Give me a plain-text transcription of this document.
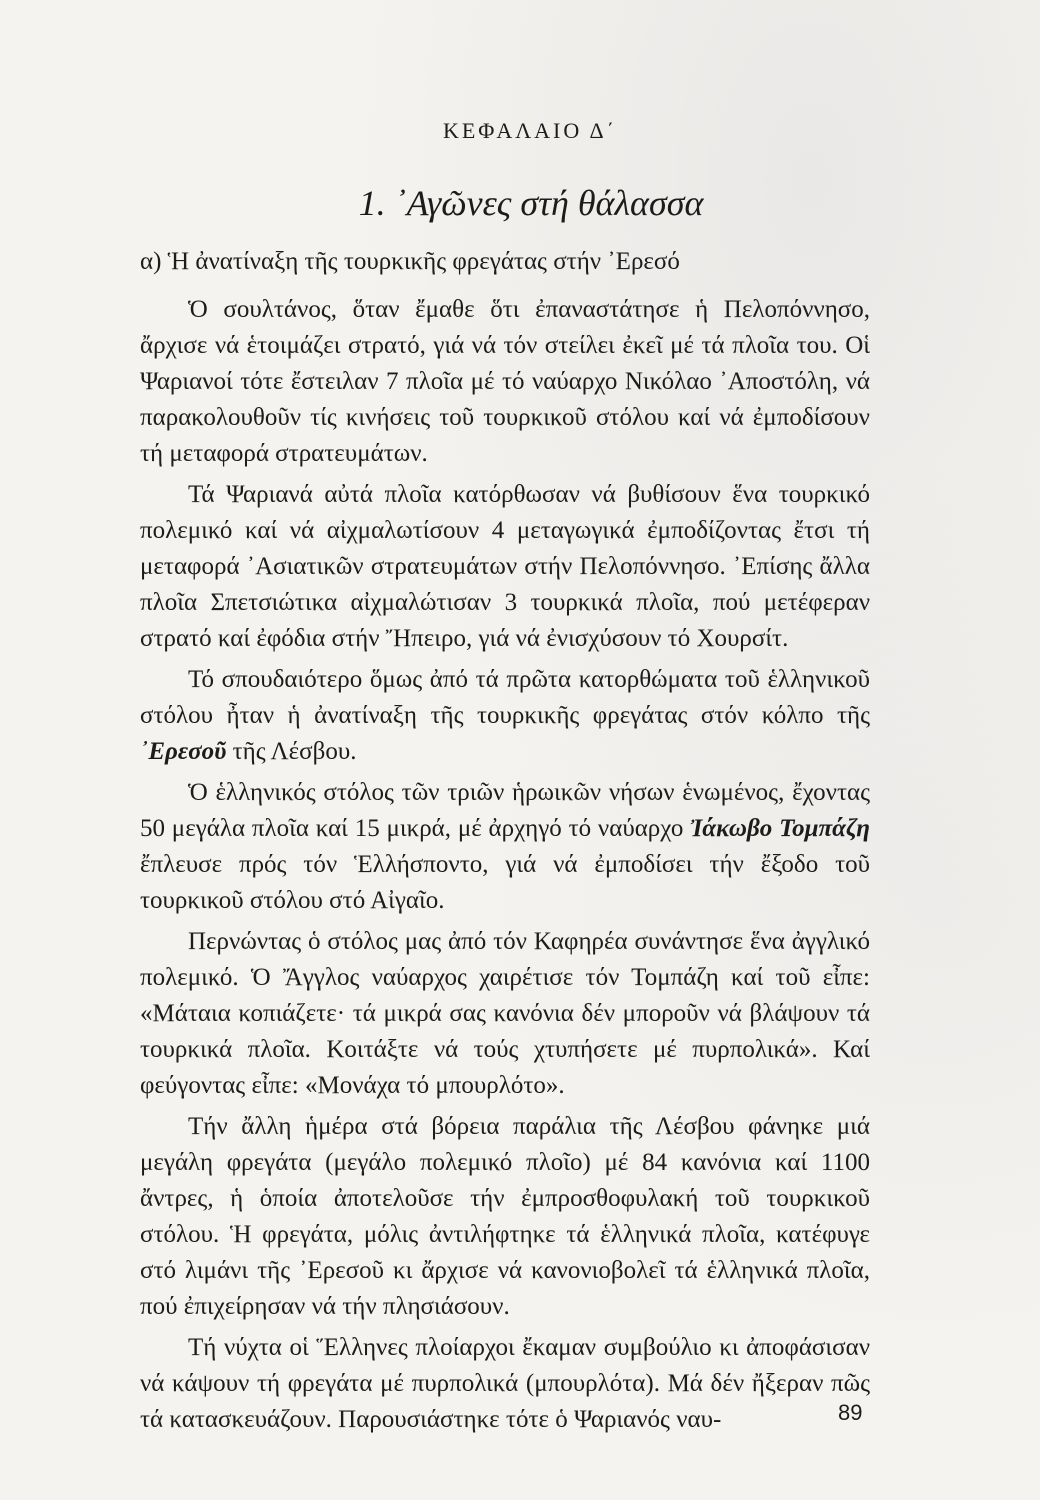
ΚΕΦΑΛΑΙΟ Δ΄
1. ᾿Αγῶνες στή θάλασσα
α) Ἡ ἀνατίναξη τῆς τουρκικῆς φρεγάτας στήν ᾿Ερεσό

Ὁ σουλτάνος, ὅταν ἔμαθε ὅτι ἐπαναστάτησε ἡ Πελοπόννησο, ἄρχισε νά ἑτοιμάζει στρατό, γιά νά τόν στείλει ἐκεῖ μέ τά πλοῖα του. Οἱ Ψαριανοί τότε ἔστειλαν 7 πλοῖα μέ τό ναύαρχο Νικόλαο ᾿Αποστόλη, νά παρακολουθοῦν τίς κινήσεις τοῦ τουρκικοῦ στόλου καί νά ἐμποδίσουν τή μεταφορά στρατευμάτων.

Τά Ψαριανά αὐτά πλοῖα κατόρθωσαν νά βυθίσουν ἕνα τουρκικό πολεμικό καί νά αἰχμαλωτίσουν 4 μεταγωγικά ἐμποδίζοντας ἔτσι τή μεταφορά ᾿Ασιατικῶν στρατευμάτων στήν Πελοπόννησο. ᾿Επίσης ἄλλα πλοῖα Σπετσιώτικα αἰχμαλώτισαν 3 τουρκικά πλοῖα, πού μετέφεραν στρατό καί ἐφόδια στήν Ἤπειρο, γιά νά ἐνισχύσουν τό Χουρσίτ.

Τό σπουδαιότερο ὅμως ἀπό τά πρῶτα κατορθώματα τοῦ ἑλληνικοῦ στόλου ἦταν ἡ ἀνατίναξη τῆς τουρκικῆς φρεγάτας στόν κόλπο τῆς ᾿Ερεσοῦ τῆς Λέσβου.

Ὁ ἑλληνικός στόλος τῶν τριῶν ἡρωικῶν νήσων ἑνωμένος, ἔχοντας 50 μεγάλα πλοῖα καί 15 μικρά, μέ ἀρχηγό τό ναύαρχο Ἰάκωβο Τομπάζη ἔπλευσε πρός τόν Ἑλλήσποντο, γιά νά ἐμποδίσει τήν ἔξοδο τοῦ τουρκικοῦ στόλου στό Αἰγαῖο.

Περνώντας ὁ στόλος μας ἀπό τόν Καφηρέα συνάντησε ἕνα ἀγγλικό πολεμικό. Ὁ Ἄγγλος ναύαρχος χαιρέτισε τόν Τομπάζη καί τοῦ εἶπε: «Μάταια κοπιάζετε· τά μικρά σας κανόνια δέν μποροῦν νά βλάψουν τά τουρκικά πλοῖα. Κοιτάξτε νά τούς χτυπήσετε μέ πυρπολικά». Καί φεύγοντας εἶπε: «Μονάχα τό μπουρλότο».

Τήν ἄλλη ἡμέρα στά βόρεια παράλια τῆς Λέσβου φάνηκε μιά μεγάλη φρεγάτα (μεγάλο πολεμικό πλοῖο) μέ 84 κανόνια καί 1100 ἄντρες, ἡ ὁποία ἀποτελοῦσε τήν ἐμπροσθοφυλακή τοῦ τουρκικοῦ στόλου. Ἡ φρεγάτα, μόλις ἀντιλήφτηκε τά ἑλληνικά πλοῖα, κατέφυγε στό λιμάνι τῆς ᾿Ερεσοῦ κι ἄρχισε νά κανονιοβολεῖ τά ἑλληνικά πλοῖα, πού ἐπιχείρησαν νά τήν πλησιάσουν.

Τή νύχτα οἱ Ἕλληνες πλοίαρχοι ἔκαμαν συμβούλιο κι ἀποφάσισαν νά κάψουν τή φρεγάτα μέ πυρπολικά (μπουρλότα). Μά δέν ἤξεραν πῶς τά κατασκευάζουν. Παρουσιάστηκε τότε ὁ Ψαριανός ναυ-	89
